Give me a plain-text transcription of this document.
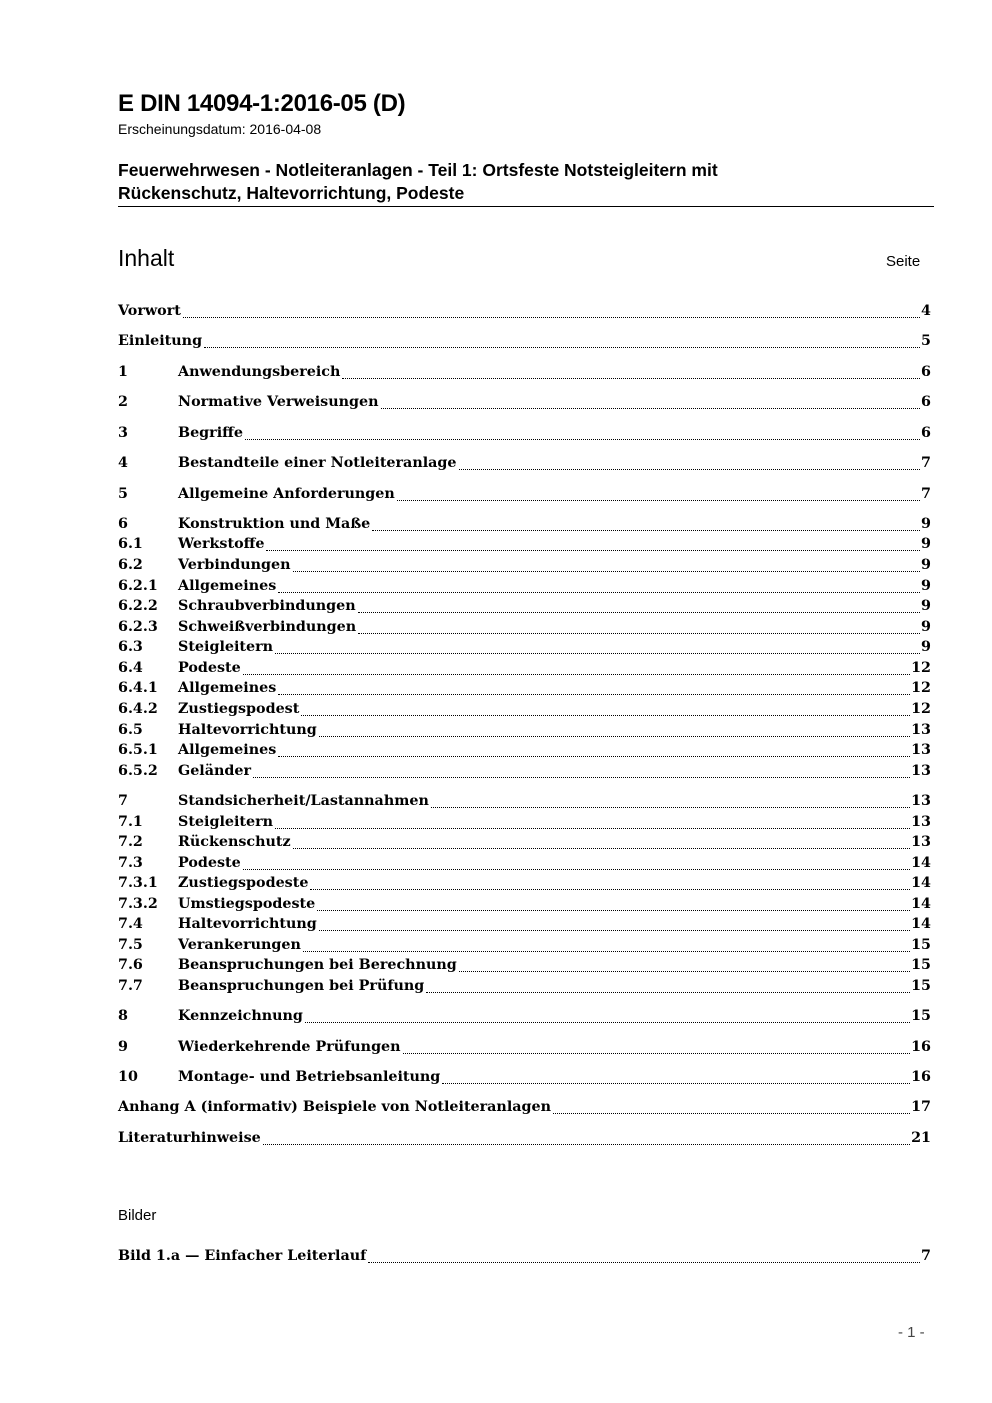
E DIN 14094-1:2016-05 (D)
Erscheinungsdatum: 2016-04-08
Feuerwehrwesen - Notleiteranlagen - Teil 1: Ortsfeste Notsteigleitern mit
Rückenschutz, Haltevorrichtung, Podeste
Inhalt	Seite
Vorwort	4
Einleitung	5
1	Anwendungsbereich	6
2	Normative Verweisungen	6
3	Begriffe	6
4	Bestandteile einer Notleiteranlage	7
5	Allgemeine Anforderungen	7
6	Konstruktion und Maße	9
6.1	Werkstoffe	9
6.2	Verbindungen	9
6.2.1	Allgemeines	9
6.2.2	Schraubverbindungen	9
6.2.3	Schweißverbindungen	9
6.3	Steigleitern	9
6.4	Podeste	12
6.4.1	Allgemeines	12
6.4.2	Zustiegspodest	12
6.5	Haltevorrichtung	13
6.5.1	Allgemeines	13
6.5.2	Geländer	13
7	Standsicherheit/Lastannahmen	13
7.1	Steigleitern	13
7.2	Rückenschutz	13
7.3	Podeste	14
7.3.1	Zustiegspodeste	14
7.3.2	Umstiegspodeste	14
7.4	Haltevorrichtung	14
7.5	Verankerungen	15
7.6	Beanspruchungen bei Berechnung	15
7.7	Beanspruchungen bei Prüfung	15
8	Kennzeichnung	15
9	Wiederkehrende Prüfungen	16
10	Montage- und Betriebsanleitung	16
Anhang A (informativ) Beispiele von Notleiteranlagen	17
Literaturhinweise	21
Bilder
Bild 1.a — Einfacher Leiterlauf	7
- 1 -
